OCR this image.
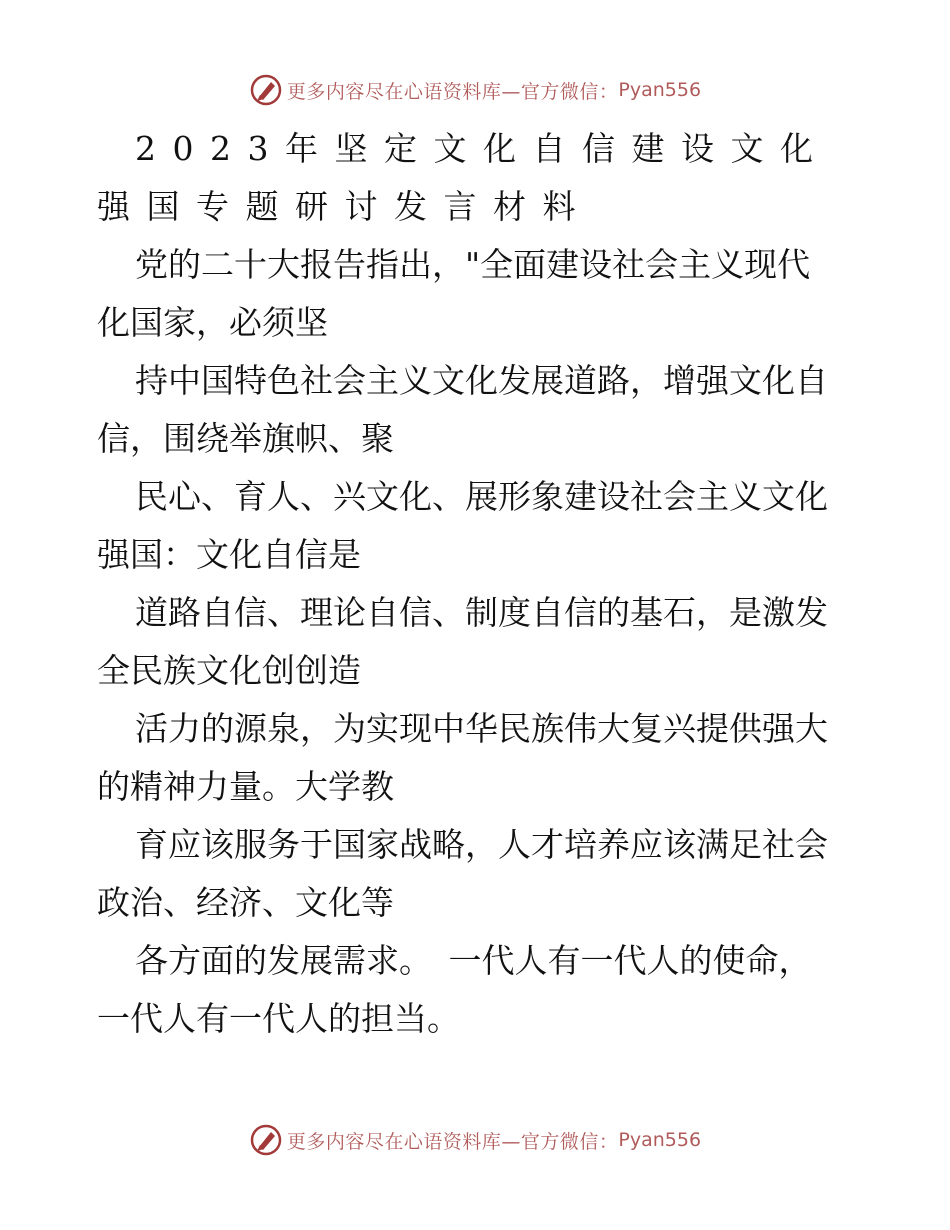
更多内容尽在心语资料库—官方微信： Pyan556
2023年坚定文化自信建设文化
强国专题研讨发言材料
党的二十大报告指出，"全面建设社会主义现代
化国家，必须坚
持中国特色社会主义文化发展道路，增强文化自
信，围绕举旗帜、聚
民心、育人、兴文化、展形象建设社会主义文化
强国：文化自信是
道路自信、理论自信、制度自信的基石，是激发
全民族文化创创造
活力的源泉，为实现中华民族伟大复兴提供强大
的精神力量。大学教
育应该服务于国家战略，人才培养应该满足社会
政治、经济、文化等
各方面的发展需求。　一代人有一代人的使命，
一代人有一代人的担当。
更多内容尽在心语资料库—官方微信： Pyan556
